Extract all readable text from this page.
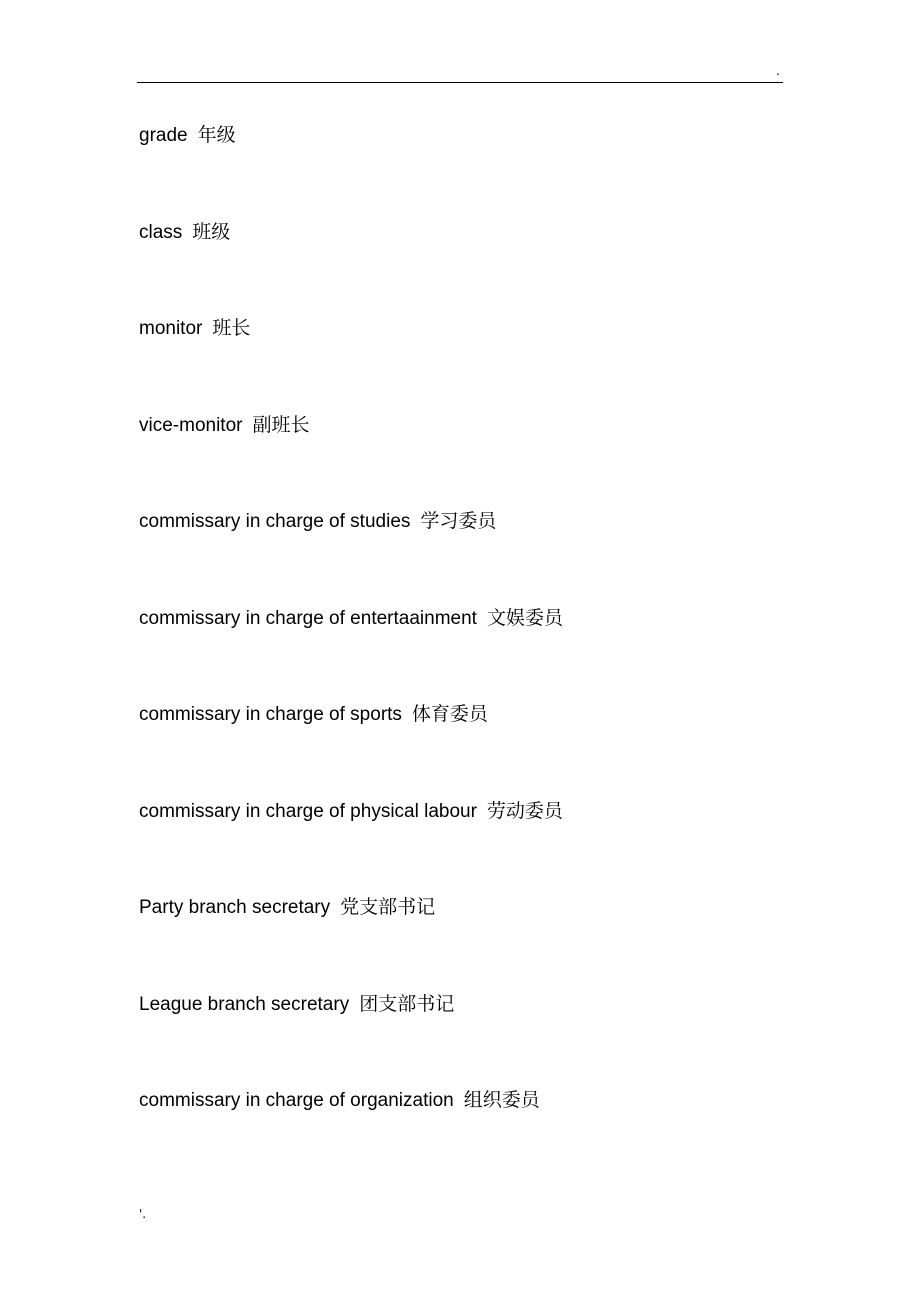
.
grade 年级
class 班级
monitor 班长
vice-monitor 副班长
commissary in charge of studies 学习委员
commissary in charge of entertaainment 文娱委员
commissary in charge of sports 体育委员
commissary in charge of physical labour 劳动委员
Party branch secretary 党支部书记
League branch secretary 团支部书记
commissary in charge of organization 组织委员
'.
